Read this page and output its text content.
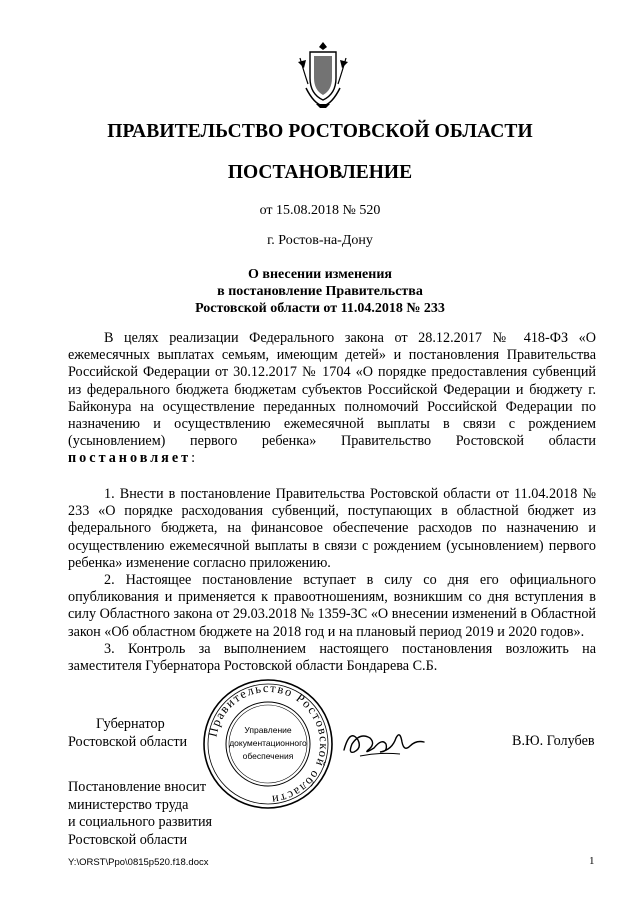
ПРАВИТЕЛЬСТВО РОСТОВСКОЙ ОБЛАСТИ
ПОСТАНОВЛЕНИЕ
от 15.08.2018 № 520
г. Ростов-на-Дону
О внесении изменения
в постановление Правительства
Ростовской области от 11.04.2018 № 233

В целях реализации Федерального закона от 28.12.2017 № 418-ФЗ «О ежемесячных выплатах семьям, имеющим детей» и постановления Правительства Российской Федерации от 30.12.2017 № 1704 «О порядке предоставления субвенций из федерального бюджета бюджетам субъектов Российской Федерации и бюджету г. Байконура на осуществление переданных полномочий Российской Федерации по назначению и осуществлению ежемесячной выплаты в связи с рождением (усыновлением) первого ребенка» Правительство Ростовской области постановляет:

1. Внести в постановление Правительства Ростовской области от 11.04.2018 № 233 «О порядке расходования субвенций, поступающих в областной бюджет из федерального бюджета, на финансовое обеспечение расходов по назначению и осуществлению ежемесячной выплаты в связи с рождением (усыновлением) первого ребенка» изменение согласно приложению.

2. Настоящее постановление вступает в силу со дня его официального опубликования и применяется к правоотношениям, возникшим со дня вступления в силу Областного закона от 29.03.2018 № 1359-ЗС «О внесении изменений в Областной закон «Об областном бюджете на 2018 год и на плановый период 2019 и 2020 годов».

3. Контроль за выполнением настоящего постановления возложить на заместителя Губернатора Ростовской области Бондарева С.Б.

Правительство Ростовской области
Управление
документационного
обеспечения
Губернатор
Ростовской области	В.Ю. Голубев
Постановление вносит
министерство труда
и социального развития
Ростовской области
Y:\ORST\Ppo\0815p520.f18.docx	1
